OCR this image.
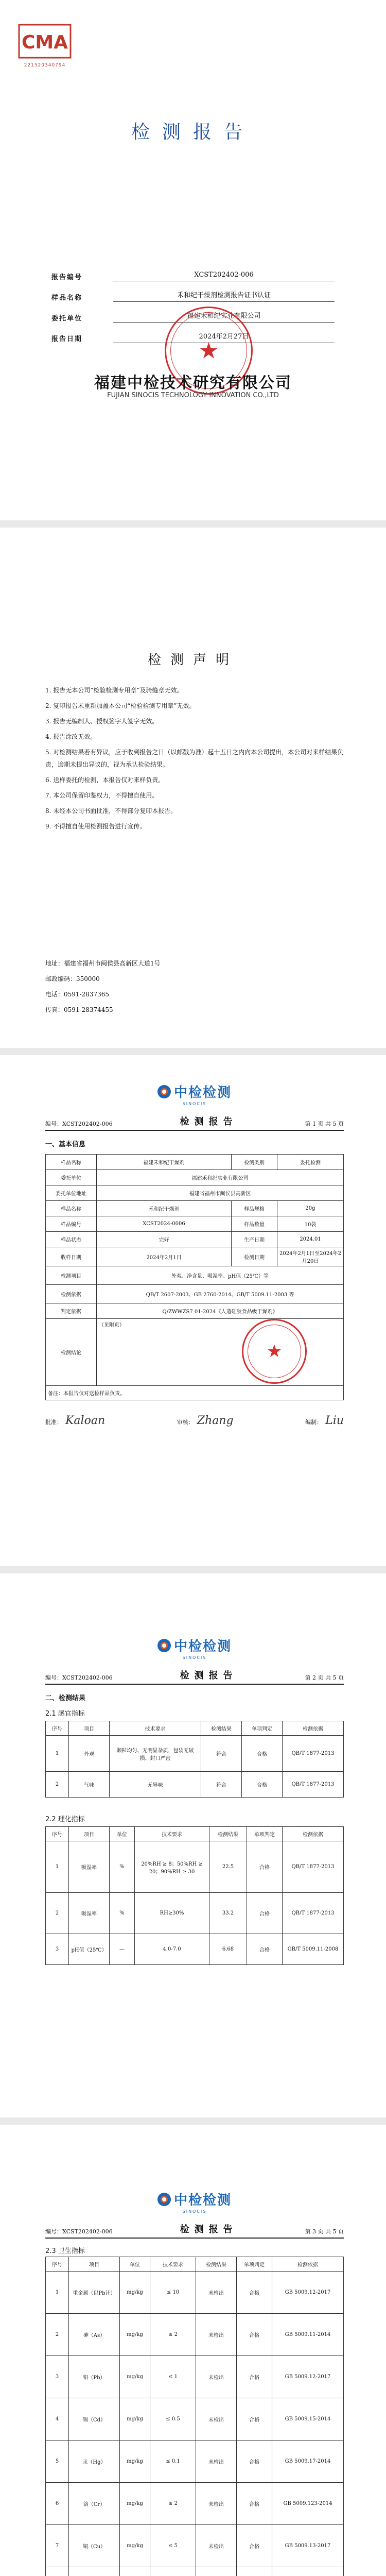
CMA
221520340794
检测报告
报告编号	XCST202402-006
样品名称	禾和纪干燥剂检测报告证书认证
委托单位	福建禾和纪实业有限公司
报告日期	2024年2月27日
★
福建中检技术研究有限公司
FUJIAN SINOCIS TECHNOLOGY INNOVATION CO.,LTD
检测声明
1. 报告无本公司“检验检测专用章”及骑缝章无效。
2. 复印报告未重新加盖本公司“检验检测专用章”无效。
3. 报告无编制人、授权签字人签字无效。
4. 报告涂改无效。
5. 对检测结果若有异议，应于收到报告之日（以邮戳为准）起十五日之内向本公司提出，本公司对来样结果负责，逾期未提出异议的，视为承认检验结果。
6. 送样委托的检测，本报告仅对来样负责。
7. 本公司保留印鉴权力，不得擅自使用。
8. 未经本公司书面批准，不得部分复印本报告。
9. 不得擅自使用检测报告进行宣传。
地址：福建省福州市闽侯县高新区大道1号
邮政编码：350000
电话：0591-2837365
传真：0591-28374455
中检检测
SINOCIS
编号：XCST202402-006	检测报告	第 1 页 共 5 页
一、基本信息
样品名称	福建禾和纪干燥剂	检测类别	委托检测
委托单位	福建禾和纪实业有限公司		
委托单位地址	福建省福州市闽侯县高新区		
样品名称	禾和纪干燥剂	样品规格	20g
样品编号	XCST2024-0006	样品数量	10袋
样品状态	完好	生产日期	2024.01
收样日期	2024年2月1日	检测日期	2024年2月1日至2024年2月20日
检测项目	外观、净含量、吸湿率、pH值（25℃）等		
检测依据	QB/T 2607-2003、GB 2760-2014、GB/T 5009.11-2003 等		
判定依据	Q/ZWWZS7 01-2024《人造硅胶食品级干燥剂》		
检测结论	（见附页）		
备注：本报告仅对送检样品负责。			
★
批准： Kaloan	审核： Zhang	编制： Liu
中检检测
SINOCIS
编号：XCST202402-006	检测报告	第 2 页 共 5 页
二、检测结果
2.1 感官指标
序号	项目	技术要求	检测结果	单项判定	检测依据
1	外观	颗粒均匀、无明显杂质，包装无破损、封口严密	符合	合格	QB/T 1877-2013
2	气味	无异味	符合	合格	QB/T 1877-2013
2.2 理化指标
序号	项目	单位	技术要求	检测结果	单项判定	检测依据
1	吸湿率	%	20%RH ≥ 8；50%RH ≥ 20；90%RH ≥ 30	22.5	合格	QB/T 1877-2013
2	吸湿率	%	RH≥30%	33.2	合格	QB/T 1877-2013
3	pH值（25℃）	—	4.0-7.0	6.68	合格	GB/T 5009.11-2008
中检检测
SINOCIS
编号：XCST202402-006	检测报告	第 3 页 共 5 页
2.3 卫生指标
序号	项目	单位	技术要求	检测结果	单项判定	检测依据
1	重金属（以Pb计）	mg/kg	≤ 10	未检出	合格	GB 5009.12-2017
2	砷（As）	mg/kg	≤ 2	未检出	合格	GB 5009.11-2014
3	铅（Pb）	mg/kg	≤ 1	未检出	合格	GB 5009.12-2017
4	镉（Cd）	mg/kg	≤ 0.5	未检出	合格	GB 5009.15-2014
5	汞（Hg）	mg/kg	≤ 0.1	未检出	合格	GB 5009.17-2014
6	铬（Cr）	mg/kg	≤ 2	未检出	合格	GB 5009.123-2014
7	铜（Cu）	mg/kg	≤ 5	未检出	合格	GB 5009.13-2017
